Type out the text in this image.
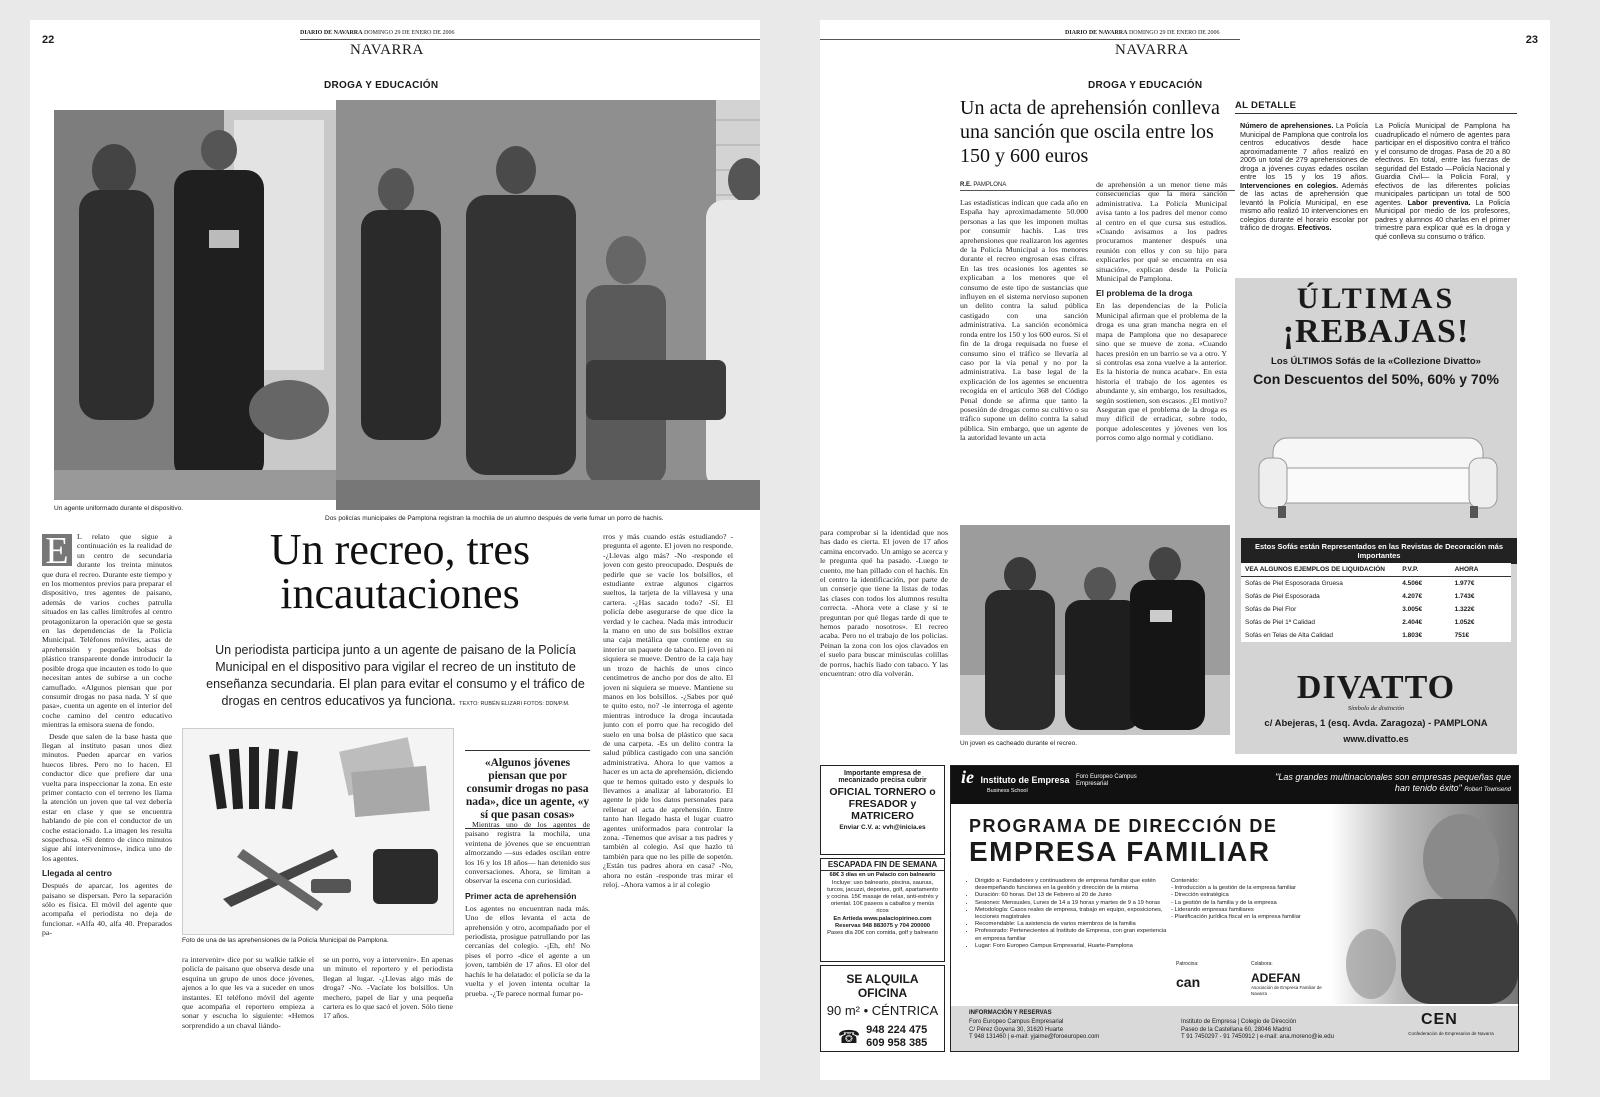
22
DIARIO DE NAVARRA DOMINGO 29 DE ENERO DE 2006
NAVARRA
DROGA Y EDUCACIÓN
Un agente uniformado durante el dispositivo.
Dos policías municipales de Pamplona registran la mochila de un alumno después de verle fumar un porro de hachís.
Un recreo, tres
incautaciones
Un periodista participa junto a un agente de paisano de la Policía Municipal en el dispositivo para vigilar el recreo de un instituto de enseñanza secundaria. El plan para evitar el consumo y el tráfico de drogas en centros educativos ya funciona. TEXTO: RUBÉN ELIZARI FOTOS: DDN/P.M.
Foto de una de las aprehensiones de la Policía Municipal de Pamplona.
«Algunos jóvenes piensan que por consumir drogas no pasa nada», dice un agente, «y sí que pasan cosas»
E	L relato que sigue a continuación es la realidad de un centro de secundaria durante los treinta minutos que dura el recreo. Durante este tiempo y en los momentos previos para preparar el dispositivo, tres agentes de paisano, además de varios coches patrulla situados en las calles limítrofes al centro protagonizaron la operación que se gesta en las dependencias de la Policía Municipal. Teléfonos móviles, actas de aprehensión y pequeñas bolsas de plástico transparente donde introducir la posible droga que incauten es todo lo que necesitan antes de subirse a un coche camuflado. «Algunos piensan que por consumir drogas no pasa nada. Y sí que pasa», cuenta un agente en el interior del coche camino del centro educativo mientras la emisora suena de fondo.

Desde que salen de la base hasta que llegan al instituto pasan unos diez minutos. Pueden aparcar en varios huecos libres. Pero no lo hacen. El conductor dice que prefiere dar una vuelta para inspeccionar la zona. En este primer contacto con el terreno les llama la atención un joven que tal vez debería estar en clase y que se encuentra hablando de pie con el conductor de un coche estacionado. La imagen les resulta sospechosa. «Si dentro de cinco minutos sigue ahí intervenimos», indica uno de los agentes.

Llegada al centro

Después de aparcar, los agentes de paisano se dispersan. Pero la separación sólo es física. El móvil del agente que acompaña el periodista no deja de funcionar. «Alfa 40, alfa 40. Preparados pa-

ra intervenir» dice por su walkie talkie el policía de paisano que observa desde una esquina un grupo de unos doce jóvenes, ajenos a lo que les va a suceder en unos instantes. El teléfono móvil del agente que acompaña el reportero empieza a sonar y escucha lo siguiente: «Hemos sorprendido a un chaval liándo-

se un porro, voy a intervenir». En apenas un minuto el reportero y el periodista llegan al lugar. -¿Llevas algo más de droga? -No. -Vacíate los bolsillos. Un mechero, papel de liar y una pequeña cartera es lo que sacó el joven. Sólo tiene 17 años.

Mientras uno de los agentes de paisano registra la mochila, una veintena de jóvenes que se encuentran almorzando —sus edades oscilan entre los 16 y los 18 años— han detenido sus conversaciones. Ahora, se limitan a observar la escena con curiosidad.

Primer acta de aprehensión

Los agentes no encuentran nada más. Uno de ellos levanta el acta de aprehensión y otro, acompañado por el periodista, prosigue patrullando por las cercanías del colegio. -¡Eh, eh! No pises el porro -dice el agente a un joven, también de 17 años. El olor del hachís le ha delatado: el policía se da la vuelta y el joven intenta ocultar la prueba. -¿Te parece normal fumar po-

rros y más cuando estás estudiando? -pregunta el agente. El joven no responde. -¿Llevas algo más? -No -responde el joven con gesto preocupado. Después de pedirle que se vacíe los bolsillos, el estudiante extrae algunos cigarros sueltos, la tarjeta de la villavesa y una cartera. -¿Has sacado todo? -Sí. El policía debe asegurarse de que dice la verdad y le cachea. Nada más introducir la mano en uno de sus bolsillos extrae una caja metálica que contiene en su interior un paquete de tabaco. El joven ni siquiera se mueve. Dentro de la caja hay un trozo de hachís de unos cinco centímetros de ancho por dos de alto. El joven ni siquiera se mueve. Mantiene su manos en los bolsillos. -¿Sabes por qué te quito esto, no? -le interroga el agente mientras introduce la droga incautada junto con el porro que ha recogido del suelo en una bolsa de plástico que saca de una carpeta. -Es un delito contra la salud pública castigado con una sanción administrativa. Ahora lo que vamos a hacer es un acta de aprehensión, diciendo que te hemos quitado esto y después lo llevamos a analizar al laboratorio. El agente le pide los datos personales para rellenar el acta de aprehensión. Entre tanto han llegado hasta el lugar cuatro agentes uniformados para controlar la zona. -Tenemos que avisar a tus padres y también al colegio. Así que hazlo tú también para que no les pille de sopetón. ¿Están tus padres ahora en casa? -No, ahora no están -responde tras mirar el reloj. -Ahora vamos a ir al colegio

23
DIARIO DE NAVARRA DOMINGO 29 DE ENERO DE 2006
NAVARRA
DROGA Y EDUCACIÓN
Un acta de aprehensión conlleva una sanción que oscila entre los 150 y 600 euros
R.E. PAMPLONA

Las estadísticas indican que cada año en España hay aproximadamente 50.000 personas a las que les imponen multas por consumir hachís. Las tres aprehensiones que realizaron los agentes de la Policía Municipal a los menores durante el recreo engrosan esas cifras. En las tres ocasiones los agentes se explicaban a los menores que el consumo de este tipo de sustancias que influyen en el sistema nervioso suponen un delito contra la salud pública castigado con una sanción administrativa. La sanción económica ronda entre los 150 y los 600 euros. Si el fin de la droga requisada no fuese el consumo sino el tráfico se llevaría al caso por la vía penal y no por la administrativa. La base legal de la explicación de los agentes se encuentra recogida en el artículo 368 del Código Penal donde se afirma que tanto la posesión de drogas como su cultivo o su tráfico supone un delito contra la salud pública. Sin embargo, que un agente de la autoridad levante un acta

de aprehensión a un menor tiene más consecuencias que la mera sanción administrativa. La Policía Municipal avisa tanto a los padres del menor como al centro en el que cursa sus estudios. «Cuando avisamos a los padres procuramos mantener después una reunión con ellos y con su hijo para explicarles por qué se encuentra en esa situación», explican desde la Policía Municipal de Pamplona.

El problema de la droga

En las dependencias de la Policía Municipal afirman que el problema de la droga es una gran mancha negra en el mapa de Pamplona que no desaparece sino que se mueve de zona. «Cuando haces presión en un barrio se va a otro. Y si controlas esa zona vuelve a la anterior. Es la historia de nunca acabar». En esta historia el trabajo de los agentes es abundante y, sin embargo, los resultados, según sostienen, son escasos. ¿El motivo? Aseguran que el problema de la droga es muy difícil de erradicar, sobre todo, porque adolescentes y jóvenes ven los porros como algo normal y cotidiano.

Un joven es cacheado durante el recreo.

para comprobar si la identidad que nos has dado es cierta. El joven de 17 años camina encorvado. Un amigo se acerca y le pregunta qué ha pasado. -Luego te cuento, me han pillado con el hachís. En el centro la identificación, por parte de un conserje que tiene la listas de todas las clases con todos los alumnos resulta correcta. -Ahora vete a clase y si te preguntan por qué llegas tarde di que te hemos parado nosotros». El recreo acaba. Pero no el trabajo de los policías. Peinan la zona con los ojos clavados en el suelo para buscar minúsculas colillas de porros, hachís liado con tabaco. Y las encuentran: otro día volverán.

AL DETALLE
Número de aprehensiones. La Policía Municipal de Pamplona que controla los centros educativos desde hace aproximadamente 7 años realizó en 2005 un total de 279 aprehensiones de droga a jóvenes cuyas edades oscilan entre los 15 y los 19 años. Intervenciones en colegios. Además de las actas de aprehensión que levantó la Policía Municipal, en ese mismo año realizó 10 intervenciones en colegios durante el horario escolar por tráfico de drogas. Efectivos.
La Policía Municipal de Pamplona ha cuadruplicado el número de agentes para participar en el dispositivo contra el tráfico y el consumo de drogas. Pasa de 20 a 80 efectivos. En total, entre las fuerzas de seguridad del Estado —Policía Nacional y Guardia Civil— la Policía Foral, y efectivos de las diferentes policías municipales participan un total de 500 agentes. Labor preventiva. La Policía Municipal por medio de los profesores, padres y alumnos 40 charlas en el primer trimestre para explicar qué es la droga y qué conlleva su consumo o tráfico.
ÚLTIMAS
¡REBAJAS!
Los ÚLTIMOS Sofás de la «Collezione Divatto»
Con Descuentos del 50%, 60% y 70%
Estos Sofás están Representados en las Revistas de Decoración más Importantes
VEA ALGUNOS EJEMPLOS DE LIQUIDACIÓN	P.V.P.	AHORA
Sofás de Piel Esposorada Gruesa	4.506€	1.977€
Sofás de Piel Esposorada	4.207€	1.743€
Sofás de Piel Flor	3.005€	1.322€
Sofás de Piel 1ª Calidad	2.404€	1.052€
Sofás en Telas de Alta Calidad	1.803€	751€
DIVATTO
Símbolo de distinción
c/ Abejeras, 1 (esq. Avda. Zaragoza) - PAMPLONA
www.divatto.es
Importante empresa de mecanizado precisa cubrir
OFICIAL TORNERO o FRESADOR y MATRICERO
Enviar C.V. a: vvh@inicia.es
ESCAPADA FIN DE SEMANA
68€ 3 días en un Palacio con balneario
Incluye: uso balneario, piscina, saunas, turcos, jacuzzi, deportes, golf, apartamento y cocina. 15€ masaje de relax, anti-estrés y oriental. 10€ paseos a caballos y menús ricos
En Artieda www.palaciopirineo.com
Reservas 948 883075 y 704 200000
Pases día 20€ con comida, golf y balneario
SE ALQUILA OFICINA
90 m² • CÉNTRICA
☎ 948 224 475
609 958 385
ie Instituto de Empresa
Business School
Foro Europeo Campus Empresarial
"Las grandes multinacionales son empresas pequeñas que han tenido éxito" Robert Townsend
PROGRAMA DE DIRECCIÓN DE
EMPRESA FAMILIAR
• Dirigido a: Fundadores y continuadores de empresa familiar que estén desempeñando funciones en la gestión y dirección de la misma
• Duración: 60 horas. Del 13 de Febrero al 20 de Junio
• Sesiones: Mensuales, Lunes de 14 a 19 horas y martes de 9 a 19 horas
• Metodología: Casos reales de empresa, trabajo en equipo, exposiciones, lecciones magistrales
• Recomendable: La asistencia de varios miembros de la familia
• Profesorado: Pertenecientes al Instituto de Empresa, con gran experiencia en empresa familiar
• Lugar: Foro Europeo Campus Empresarial, Huarte-Pamplona
Contenido:
- Introducción a la gestión de la empresa familiar
- Dirección estratégica
- La gestión de la familia y de la empresa
- Liderando empresas familiares
- Planificación jurídica fiscal en la empresa familiar
Patrocina:
can
Colabora:
ADEFAN
Asociación de Empresa Familiar de Navarra
INFORMACIÓN Y RESERVAS
Foro Europeo Campus Empresarial
C/ Pérez Goyena 30, 31620 Huarte
T 948 131460 | e-mail: yjaime@foroeuropeo.com
Instituto de Empresa | Colegio de Dirección
Paseo de la Castellana 60, 28046 Madrid
T 91 7450297 - 91 7450912 | e-mail: ana.moreno@ie.edu
CEN
Confederación de Empresarios de Navarra
